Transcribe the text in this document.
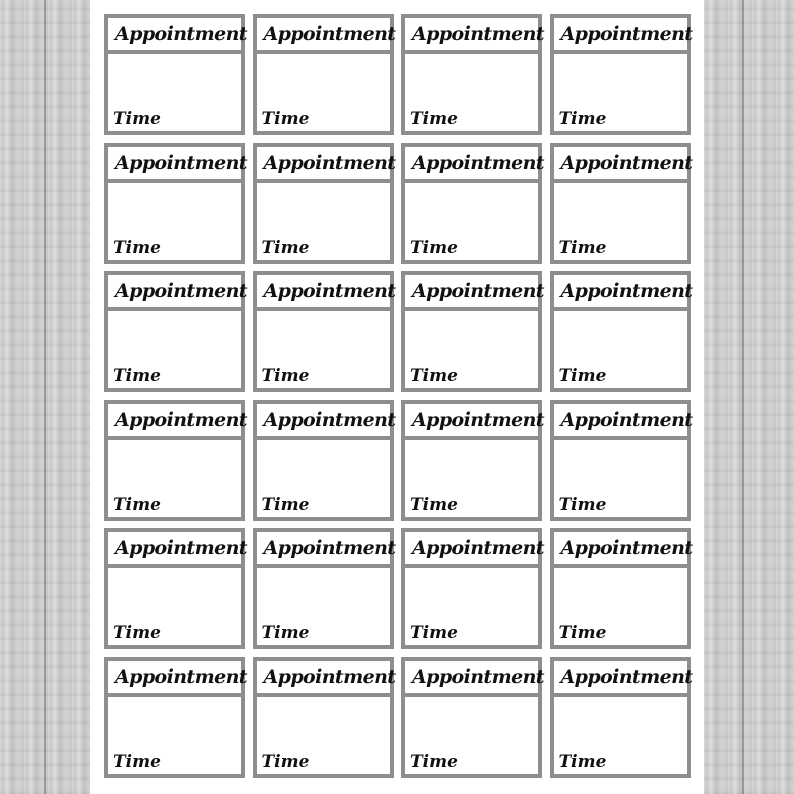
Appointment
Time
Appointment
Time
Appointment
Time
Appointment
Time
Appointment
Time
Appointment
Time
Appointment
Time
Appointment
Time
Appointment
Time
Appointment
Time
Appointment
Time
Appointment
Time
Appointment
Time
Appointment
Time
Appointment
Time
Appointment
Time
Appointment
Time
Appointment
Time
Appointment
Time
Appointment
Time
Appointment
Time
Appointment
Time
Appointment
Time
Appointment
Time
